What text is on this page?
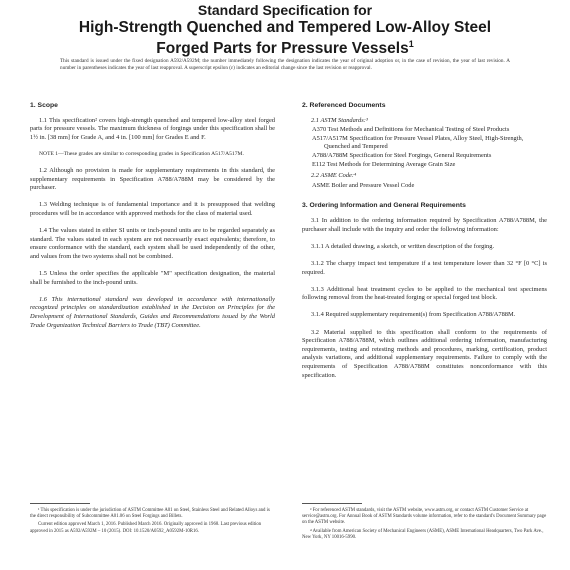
Standard Specification for
High-Strength Quenched and Tempered Low-Alloy Steel
Forged Parts for Pressure Vessels$^1$
This standard is issued under the fixed designation A592/A592M; the number immediately following the designation indicates the year of original adoption or, in the case of revision, the year of last revision. A number in parentheses indicates the year of last reapproval. A superscript epsilon (ε) indicates an editorial change since the last revision or reapproval.
1. Scope

1.1 This specification² covers high-strength quenched and tempered low-alloy steel forged parts for pressure vessels. The maximum thickness of forgings under this specification shall be 1½ in. [38 mm] for Grade A, and 4 in. [100 mm] for Grades E and F.

NOTE 1—These grades are similar to corresponding grades in Specification A517/A517M.

1.2 Although no provision is made for supplementary requirements in this standard, the supplementary requirements in Specification A788/A788M may be considered by the purchaser.

1.3 Welding technique is of fundamental importance and it is presupposed that welding procedures will be in accordance with approved methods for the class of material used.

1.4 The values stated in either SI units or inch-pound units are to be regarded separately as standard. The values stated in each system are not necessarily exact equivalents; therefore, to ensure conformance with the standard, each system shall be used independently of the other, and values from the two systems shall not be combined.

1.5 Unless the order specifies the applicable "M" specification designation, the material shall be furnished to the inch-pound units.

1.6 This international standard was developed in accordance with internationally recognized principles on standardization established in the Decision on Principles for the Development of International Standards, Guides and Recommendations issued by the World Trade Organization Technical Barriers to Trade (TBT) Committee.

2. Referenced Documents
2.1 ASTM Standards:³
A370 Test Methods and Definitions for Mechanical Testing of Steel Products
A517/A517M Specification for Pressure Vessel Plates, Alloy Steel, High-Strength, Quenched and Tempered
A788/A788M Specification for Steel Forgings, General Requirements
E112 Test Methods for Determining Average Grain Size
2.2 ASME Code:⁴
ASME Boiler and Pressure Vessel Code
3. Ordering Information and General Requirements

3.1 In addition to the ordering information required by Specification A788/A788M, the purchaser shall include with the inquiry and order the following information:

3.1.1 A detailed drawing, a sketch, or written description of the forging.

3.1.2 The charpy impact test temperature if a test temperature lower than 32 °F [0 °C] is required.

3.1.3 Additional heat treatment cycles to be applied to the mechanical test specimens following removal from the heat-treated forging or special forged test block.

3.1.4 Required supplementary requirement(s) from Specification A788/A788M.

3.2 Material supplied to this specification shall conform to the requirements of Specification A788/A788M, which outlines additional ordering information, manufacturing requirements, testing and retesting methods and procedures, marking, certification, product analysis variations, and additional supplementary requirements. Failure to comply with the requirements of Specification A788/A788M constitutes nonconformance with this specification.

¹ This specification is under the jurisdiction of ASTM Committee A01 on Steel, Stainless Steel and Related Alloys and is the direct responsibility of Subcommittee A01.06 on Steel Forgings and Billets.
Current edition approved March 1, 2016. Published March 2016. Originally approved in 1968. Last previous edition approved in 2015 as A592/A592M – 10 (2015). DOI: 10.1520/A0592_A0592M-10R16.
³ For referenced ASTM standards, visit the ASTM website, www.astm.org, or contact ASTM Customer Service at service@astm.org. For Annual Book of ASTM Standards volume information, refer to the standard's Document Summary page on the ASTM website.
⁴ Available from American Society of Mechanical Engineers (ASME), ASME International Headquarters, Two Park Ave., New York, NY 10016-5990.
